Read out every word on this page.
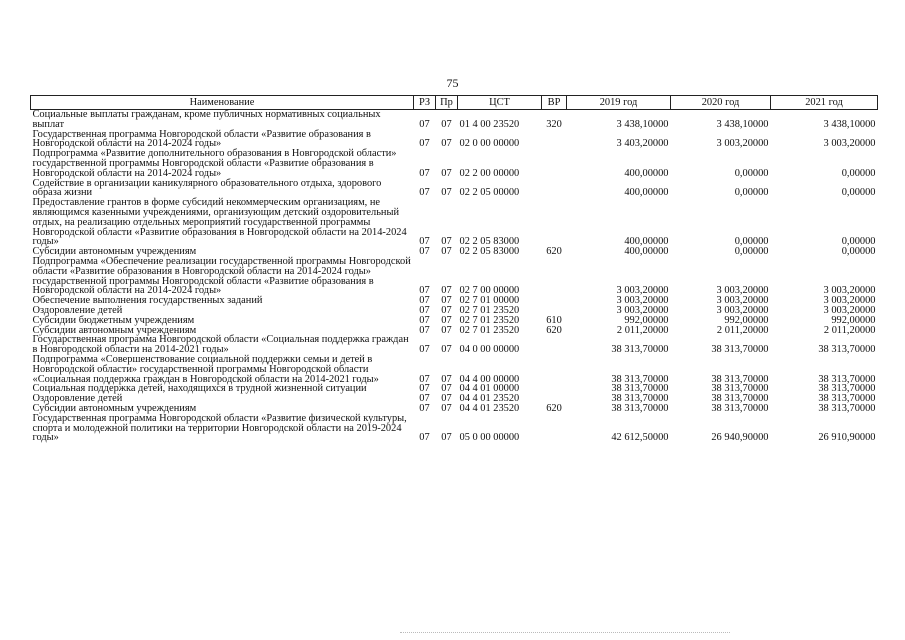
75
Наименование	РЗ	Пр	ЦСТ	ВР	2019 год	2020 год	2021 год
Социальные выплаты гражданам, кроме публичных нормативных социальных выплат	07	07	01 4 00 23520	320	3 438,10000	3 438,10000	3 438,10000
Государственная программа Новгородской области «Развитие образования в Новгородской области на 2014-2024 годы»	07	07	02 0 00 00000		3 403,20000	3 003,20000	3 003,20000
Подпрограмма «Развитие дополнительного образования в Новгородской области» государственной программы Новгородской области «Развитие образования в Новгородской области на 2014-2024 годы»	07	07	02 2 00 00000		400,00000	0,00000	0,00000
Содействие в организации каникулярного образовательного отдыха, здорового образа жизни	07	07	02 2 05 00000		400,00000	0,00000	0,00000
Предоставление грантов в форме субсидий некоммерческим организациям, не являющимся казенными учреждениями, организующим детский оздоровительный отдых, на реализацию отдельных мероприятий государственной программы Новгородской области «Развитие образования в Новгородской области на 2014-2024 годы»	07	07	02 2 05 83000		400,00000	0,00000	0,00000
Субсидии автономным учреждениям	07	07	02 2 05 83000	620	400,00000	0,00000	0,00000
Подпрограмма «Обеспечение реализации государственной программы Новгородской области «Развитие образования в Новгородской области на 2014-2024 годы» государственной программы Новгородской области «Развитие образования в Новгородской области на 2014-2024 годы»	07	07	02 7 00 00000		3 003,20000	3 003,20000	3 003,20000
Обеспечение выполнения государственных заданий	07	07	02 7 01 00000		3 003,20000	3 003,20000	3 003,20000
Оздоровление детей	07	07	02 7 01 23520		3 003,20000	3 003,20000	3 003,20000
Субсидии бюджетным учреждениям	07	07	02 7 01 23520	610	992,00000	992,00000	992,00000
Субсидии автономным учреждениям	07	07	02 7 01 23520	620	2 011,20000	2 011,20000	2 011,20000
Государственная программа Новгородской области «Социальная поддержка граждан в Новгородской области на 2014-2021 годы»	07	07	04 0 00 00000		38 313,70000	38 313,70000	38 313,70000
Подпрограмма «Совершенствование социальной поддержки семьи и детей в Новгородской области» государственной программы Новгородской области «Социальная поддержка граждан в Новгородской области на 2014-2021 годы»	07	07	04 4 00 00000		38 313,70000	38 313,70000	38 313,70000
Социальная поддержка детей, находящихся в трудной жизненной ситуации	07	07	04 4 01 00000		38 313,70000	38 313,70000	38 313,70000
Оздоровление детей	07	07	04 4 01 23520		38 313,70000	38 313,70000	38 313,70000
Субсидии автономным учреждениям	07	07	04 4 01 23520	620	38 313,70000	38 313,70000	38 313,70000
Государственная программа Новгородской области «Развитие физической культуры, спорта и молодежной политики на территории Новгородской области на 2019-2024 годы»	07	07	05 0 00 00000		42 612,50000	26 940,90000	26 910,90000
